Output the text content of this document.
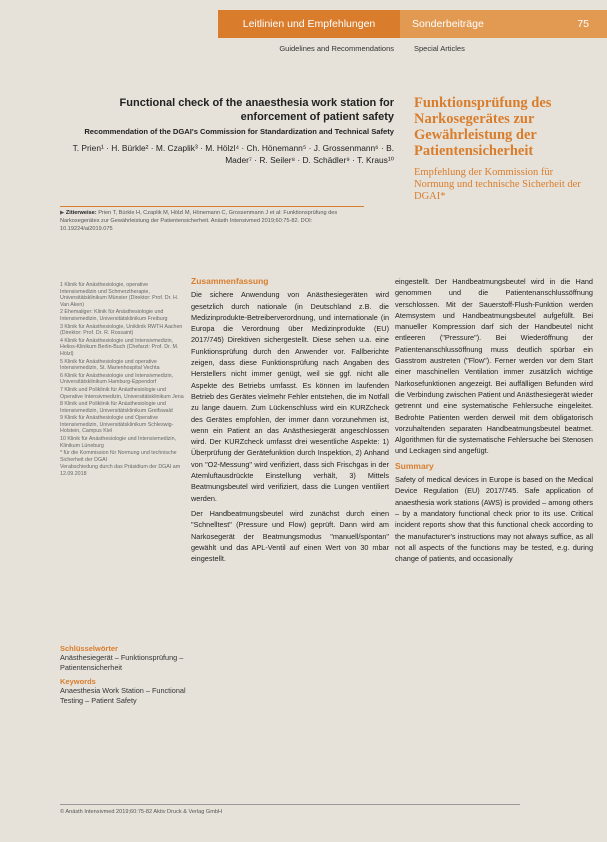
Leitlinien und Empfehlungen	Sonderbeiträge	75
Guidelines and Recommendations	Special Articles
Functional check of the anaesthesia work station for enforcement of patient safety
Recommendation of the DGAI's Commission for Standardization and Technical Safety
T. Prien¹ · H. Bürkle² · M. Czaplik³ · M. Hölzl⁴ · Ch. Hönemann⁵ · J. Grossenmann⁶ · B. Mader⁷ · R. Seiler⁸ · D. Schädler⁹ · T. Kraus¹⁰
Funktionsprüfung des Narkosegerätes zur Gewährleistung der Patientensicherheit
Empfehlung der Kommission für Normung und technische Sicherheit der DGAI*
▶ Zitierweise: Prien T, Bürkle H, Czaplik M, Hölzl M, Hönemann C, Grossenmann J et al: Funktionsprüfung des Narkosegerätes zur Gewährleistung der Patientensicherheit. Anästh Intensivmed 2019;60:75-82. DOI: 10.19224/ai2019.075

1 Klinik für Anästhesiologie, operative Intensivmedizin und Schmerztherapie, Universitätsklinikum Münster (Direktor: Prof. Dr. H. Van Aken)

2 Ehemaliger: Klinik für Anästhesiologie und Intensivmedizin, Universitätsklinikum Freiburg

3 Klinik für Anästhesiologie, Uniklinik RWTH Aachen (Direktor: Prof. Dr. R. Rossaint)

4 Klinik für Anästhesiologie und Intensivmedizin, Helios-Klinikum Berlin-Buch (Chefarzt: Prof. Dr. M. Hölzl)

5 Klinik für Anästhesiologie und operative Intensivmedizin, St. Marienhospital Vechta

6 Klinik für Anästhesiologie und Intensivmedizin, Universitätsklinikum Hamburg-Eppendorf

7 Klinik und Poliklinik für Anästhesiologie und Operative Intensivmedizin, Universitätsklinikum Jena

8 Klinik und Poliklinik für Anästhesiologie und Intensivmedizin, Universitätsklinikum Greifswald

9 Klinik für Anästhesiologie und Operative Intensivmedizin, Universitätsklinikum Schleswig-Holstein, Campus Kiel

10 Klinik für Anästhesiologie und Intensivmedizin, Klinikum Lüneburg

* für die Kommission für Normung und technische Sicherheit der DGAI

Verabschiedung durch das Präsidium der DGAI am 12.09.2018

Schlüsselwörter
Anästhesiegerät – Funktionsprüfung – Patientensicherheit
Keywords
Anaesthesia Work Station – Functional Testing – Patient Safety
Zusammenfassung

Die sichere Anwendung von Anästhesiegeräten wird gesetzlich durch nationale (in Deutschland z.B. die Medizinprodukte-Betreiberverordnung, und internationale (in Europa die Verordnung über Medizinprodukte (EU) 2017/745) Direktiven sichergestellt. Diese sehen u.a. eine Funktionsprüfung durch den Anwender vor. Fallberichte zeigen, dass diese Funktionsprüfung nach Angaben des Herstellers nicht immer genügt, weil sie ggf. nicht alle Aspekte des Betriebs umfasst. Es können im laufenden Betrieb des Gerätes vielmehr Fehler entstehen, die im Notfall zu lange dauern. Zum Lückenschluss wird ein KURZcheck des Gerätes empfohlen, der immer dann vorzunehmen ist, wenn ein Patient an das Anästhesiegerät angeschlossen wird. Der KURZcheck umfasst drei wesentliche Aspekte: 1) Überprüfung der Gerätefunktion durch Inspektion, 2) Anhand von "O2-Messung" wird verifiziert, dass sich Frischgas in der Atemluftausdrückte Einstellung verhält, 3) Mittels Beatmungsbeutel wird verifiziert, dass die Lungen ventiliert werden.

Der Handbeatmungsbeutel wird zunächst durch einen "Schnelltest" (Pressure und Flow) geprüft. Dann wird am Narkosegerät der Beatmungsmodus "manuell/spontan" gewählt und das APL-Ventil auf einen Wert von 30 mbar eingestellt.

eingestellt. Der Handbeatmungsbeutel wird in die Hand genommen und die Patientenanschlussöffnung verschlossen. Mit der Sauerstoff-Flush-Funktion werden Atemsystem und Handbeatmungsbeutel aufgefüllt. Bei manueller Kompression darf sich der Handbeutel nicht entleeren ("Pressure"). Bei Wiederöffnung der Patientenanschlussöffnung muss deutlich spürbar ein Gasstrom austreten ("Flow"). Ferner werden vor dem Start einer maschinellen Ventilation immer zusätzlich wichtige Narkosefunktionen angezeigt. Bei auffälligen Befunden wird die Verbindung zwischen Patient und Anästhesiegerät wieder getrennt und eine systematische Fehlersuche eingeleitet. Bedrohte Patienten werden derweil mit dem obligatorisch vorzuhaltenden separaten Handbeatmungsbeutel beatmet. Algorithmen für die systematische Fehlersuche bei Stenosen und Leckagen sind angefügt.

Summary

Safety of medical devices in Europe is based on the Medical Device Regulation (EU) 2017/745. Safe application of anaesthesia work stations (AWS) is provided – among others – by a mandatory functional check prior to its use. Critical incident reports show that this functional check according to the manufacturer's instructions may not always suffice, as all not all aspects of the functions may be tested, e.g. during change of patients, and occasionally

© Anästh Intensivmed 2019;60:75-82 Aktiv Druck & Verlag GmbH
